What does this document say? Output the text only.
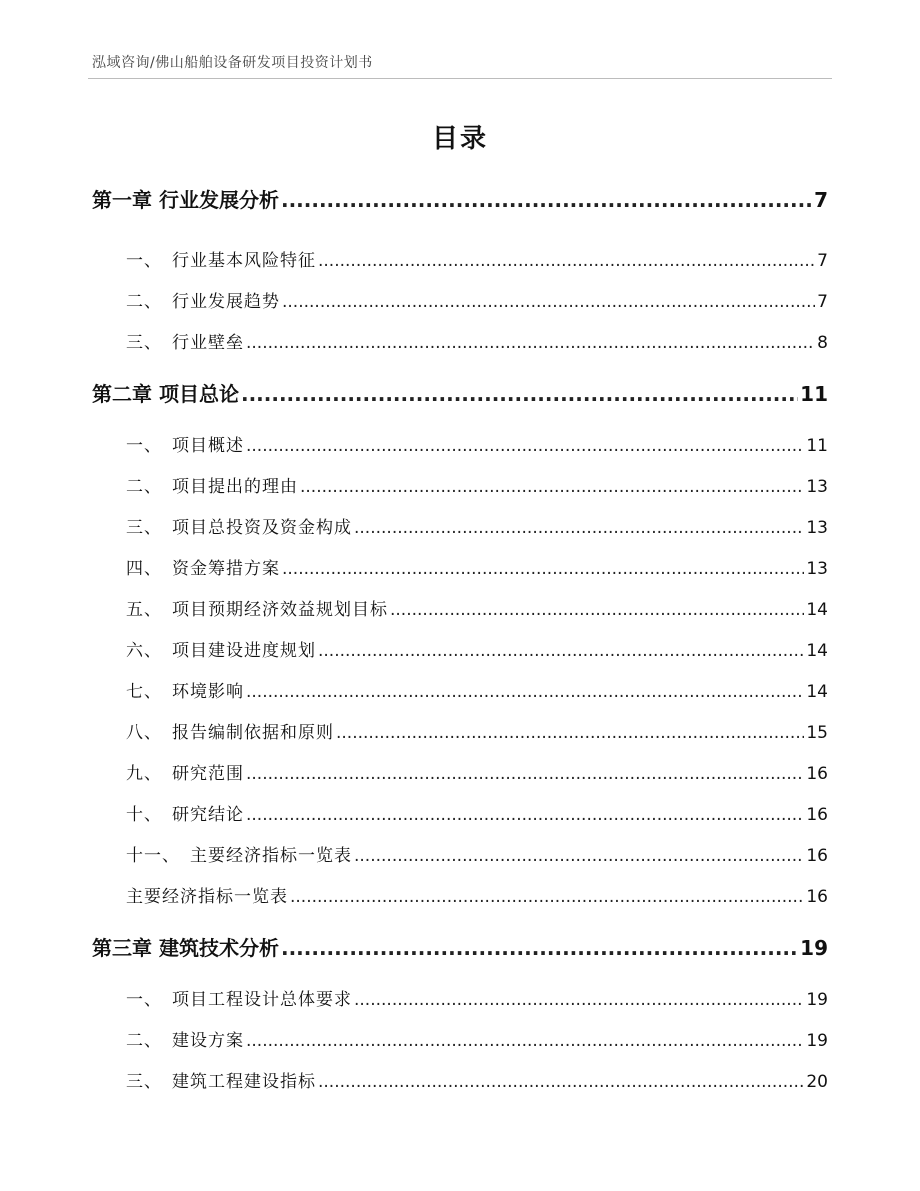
泓域咨询/佛山船舶设备研发项目投资计划书
目录
第一章 行业发展分析 .....	7
一、 行业基本风险特征 .....	7
二、 行业发展趋势 .....	7
三、 行业壁垒 .....	8
第二章 项目总论 .....	11
一、 项目概述 .....	11
二、 项目提出的理由 .....	13
三、 项目总投资及资金构成 .....	13
四、 资金筹措方案 .....	13
五、 项目预期经济效益规划目标 .....	14
六、 项目建设进度规划 .....	14
七、 环境影响 .....	14
八、 报告编制依据和原则 .....	15
九、 研究范围 .....	16
十、 研究结论 .....	16
十一、 主要经济指标一览表 .....	16
主要经济指标一览表 .....	16
第三章 建筑技术分析 .....	19
一、 项目工程设计总体要求 .....	19
二、 建设方案 .....	19
三、 建筑工程建设指标 .....	20
